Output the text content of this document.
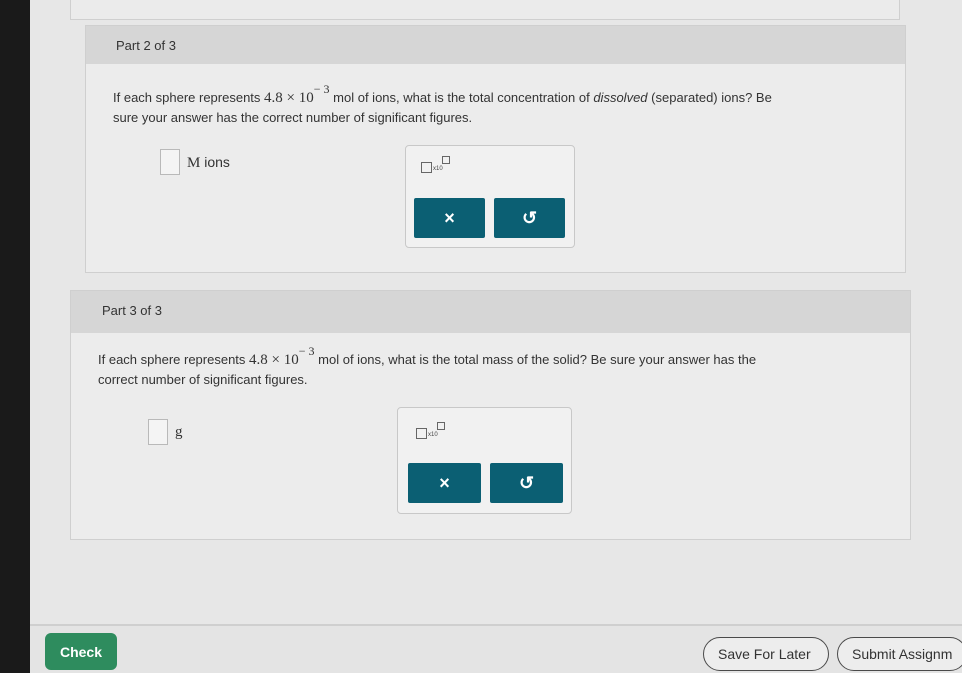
Part 2 of 3
If each sphere represents 4.8 × 10− 3 mol of ions, what is the total concentration of dissolved (separated) ions? Be
sure your answer has the correct number of significant figures.
M ions	x10
×	↺
Part 3 of 3
If each sphere represents 4.8 × 10− 3 mol of ions, what is the total mass of the solid? Be sure your answer has the
correct number of significant figures.
g	x10
×	↺
Check	Save For Later	Submit Assignm
